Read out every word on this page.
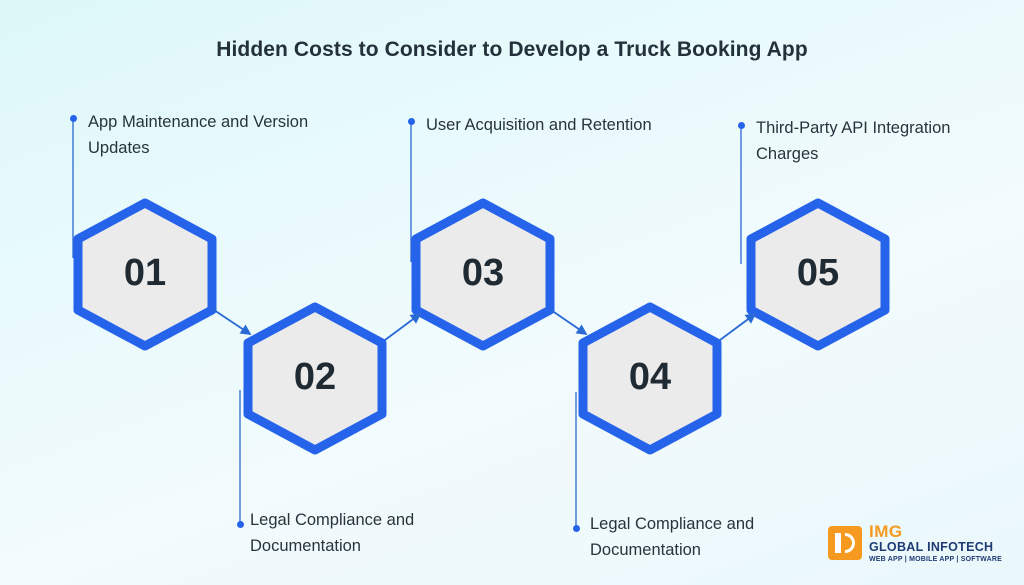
Hidden Costs to Consider to Develop a Truck Booking App
01
02
03
04
05
App Maintenance and Version Updates
User Acquisition and Retention	Third-Party API Integration Charges
Legal Compliance and Documentation
Legal Compliance and Documentation
IMG
GLOBAL INFOTECH
WEB APP | MOBILE APP | SOFTWARE
